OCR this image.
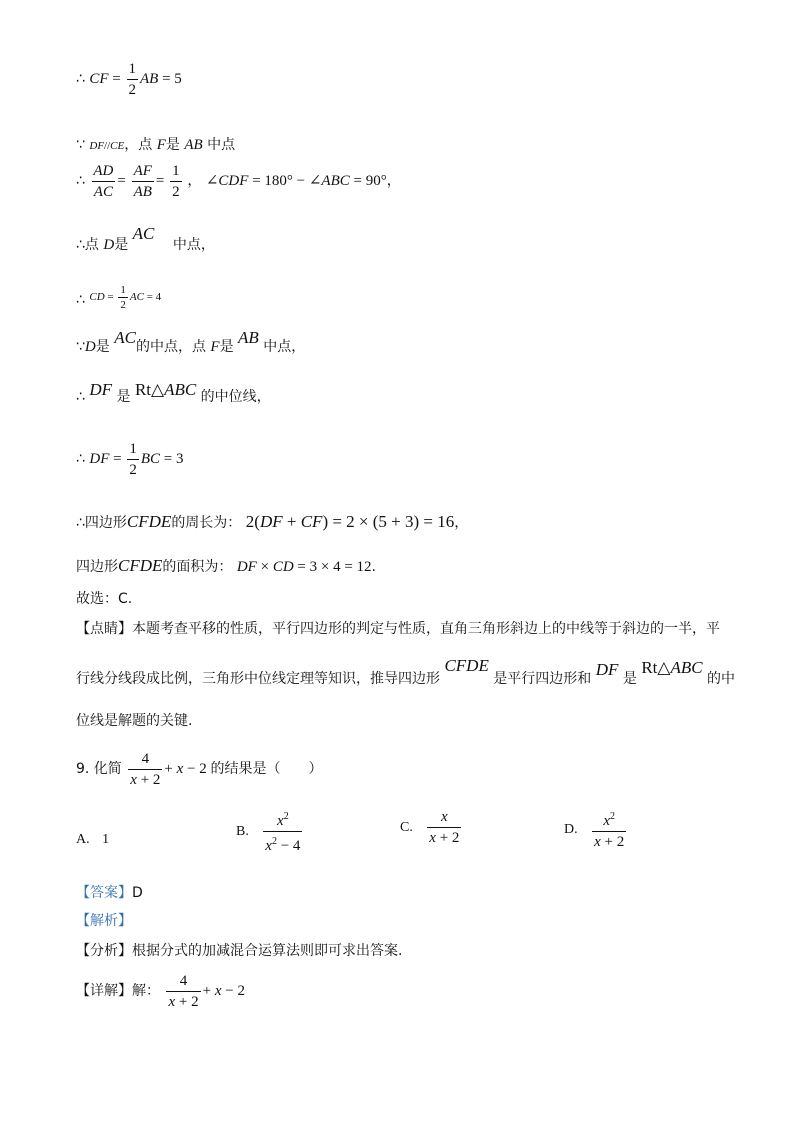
∴ CF = $\frac{1}{2}$ AB = 5
∵ DF//CE，点 F是 AB 中点
∴ $\frac{AD}{AC} = \frac{AF}{AB} = \frac{1}{2}$ ， ∠CDF = 180° − ∠ABC = 90°，
∴点 D是 AC 中点，
∴ $^{CD = \frac{1}{2} AC = 4}$
∵D是 AC的中点，点 F是 AB 中点，
∴ DF 是 Rt△ABC 的中位线，
∴ DF = $\frac{1}{2}$ BC = 3
∴四边形CFDE的周长为： 2(DF + CF) = 2 × (5 + 3) = 16，
四边形CFDE的面积为： DF × CD = 3 × 4 = 12.
故选：C.
【点睛】本题考查平移的性质，平行四边形的判定与性质，直角三角形斜边上的中线等于斜边的一半，平
行线分线段成比例，三角形中位线定理等知识，推导四边形 CFDE 是平行四边形和 DF 是 Rt△ABC 的中
位线是解题的关键.
9. 化简 $\frac{4}{x + 2} + x - 2$ 的结果是（　　）
A. 1
B. $\frac{x^2}{x^2 - 4}$	C. $\frac{x}{x + 2}$	D. $\frac{x^2}{x + 2}$
【答案】D
【解析】
【分析】根据分式的加减混合运算法则即可求出答案.
【详解】解： $\frac{4}{x + 2} + x - 2$
